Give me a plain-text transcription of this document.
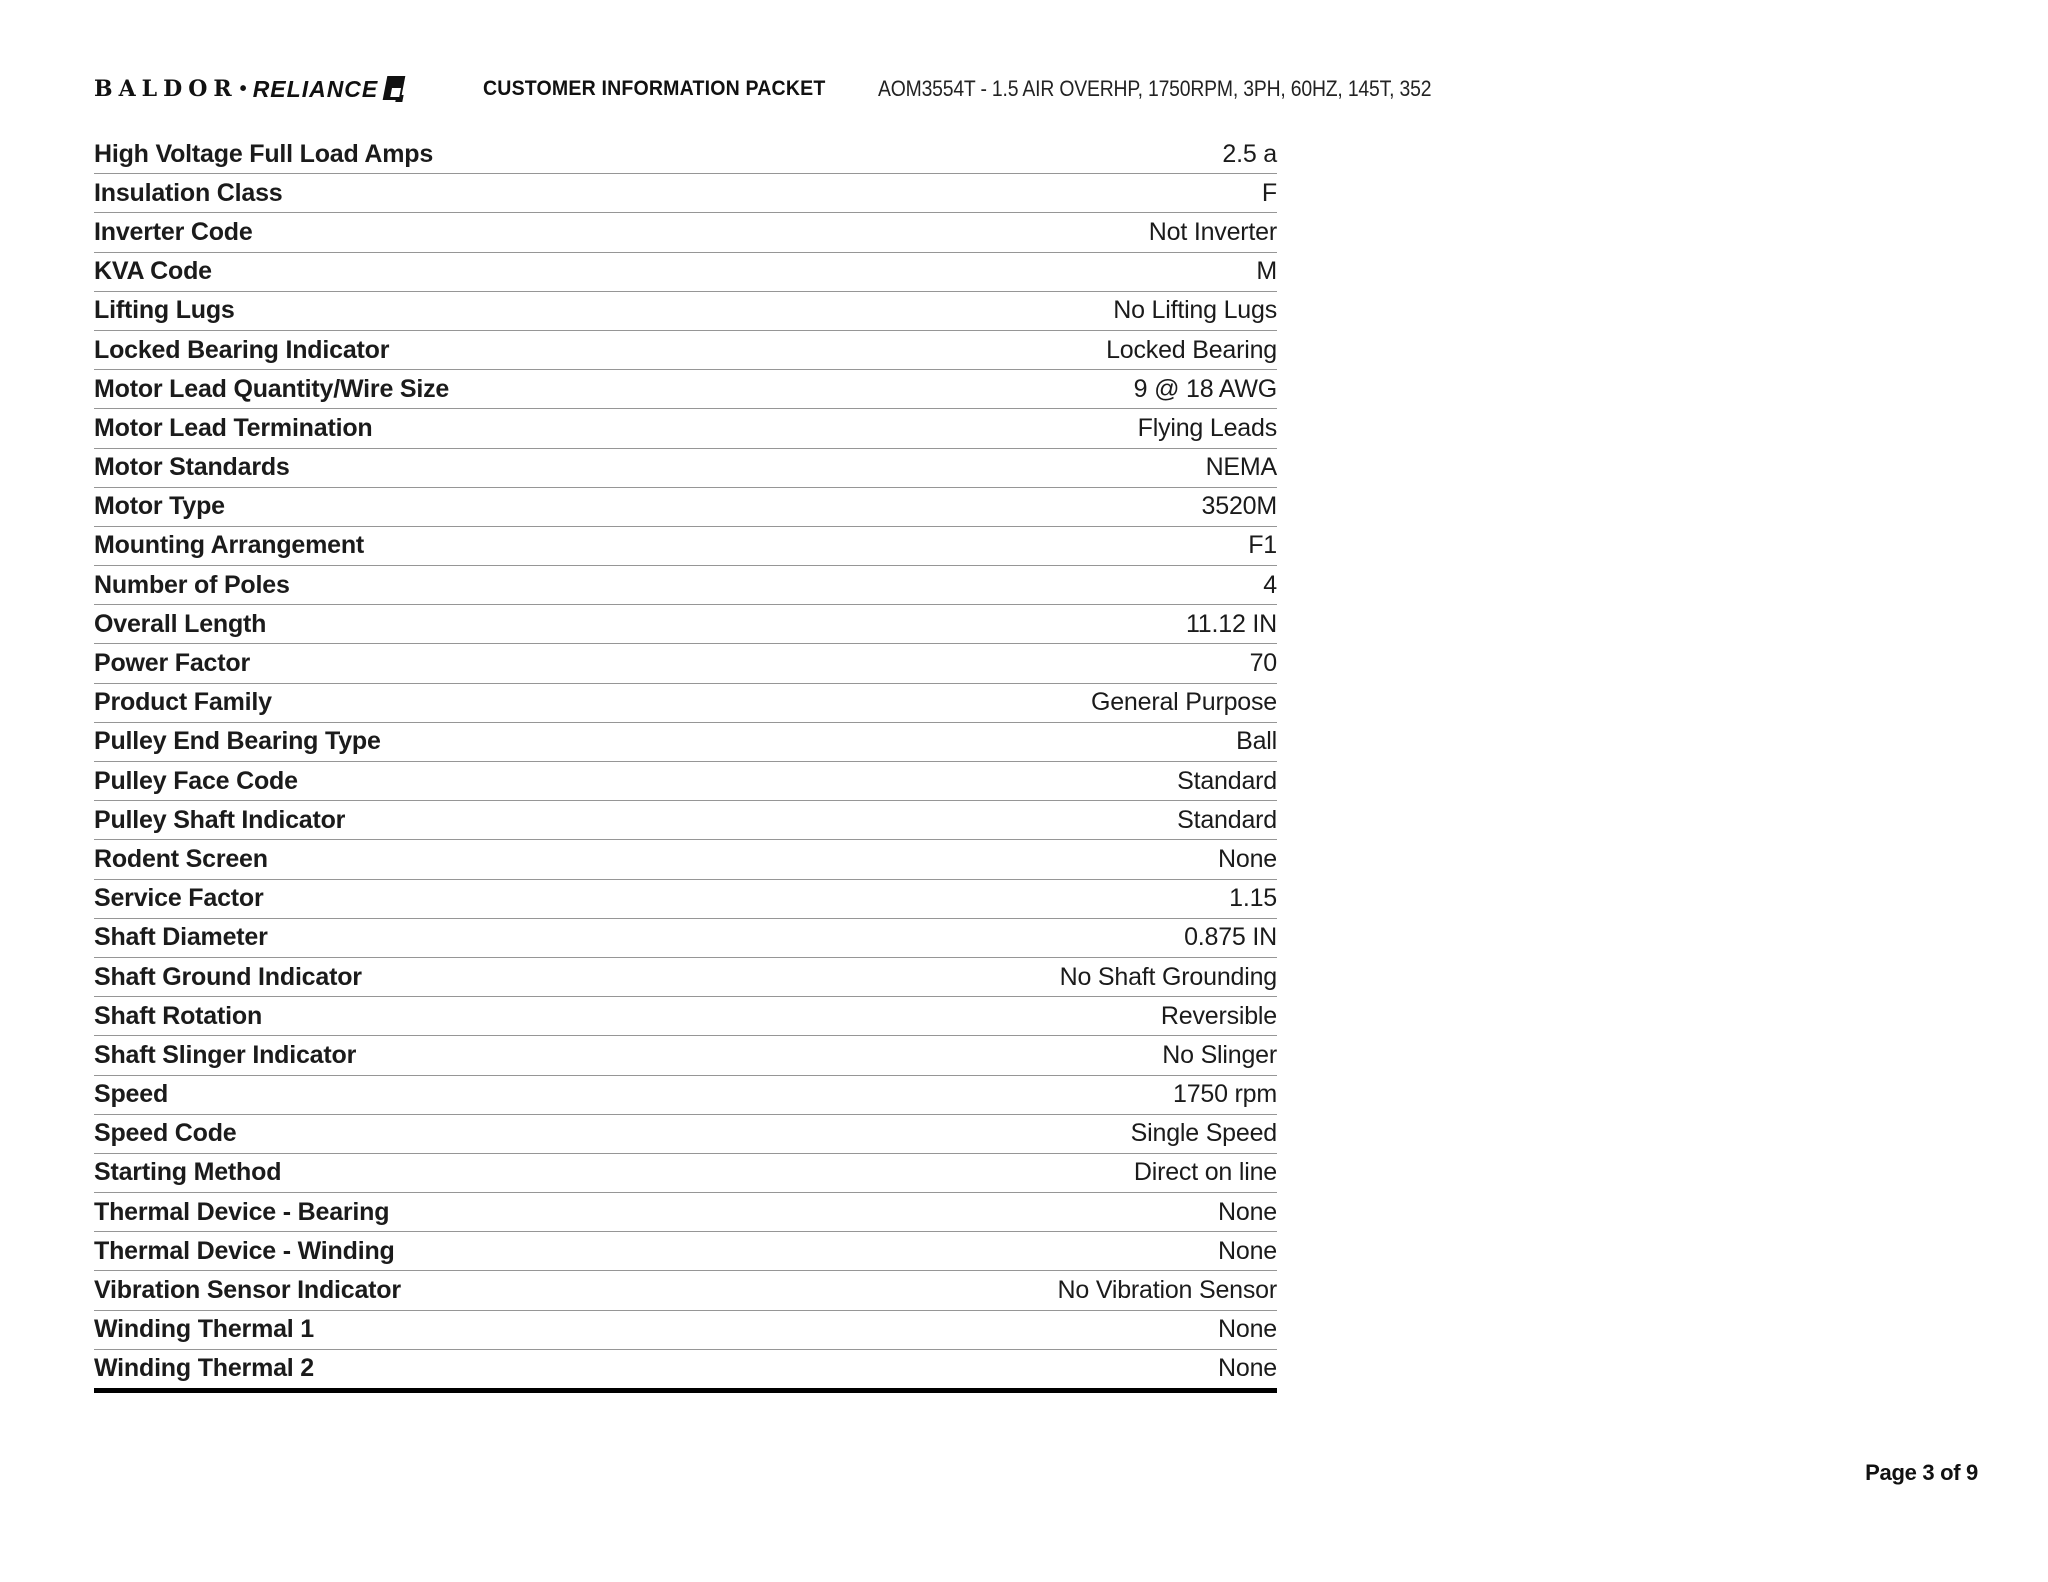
BALDOR • RELIANCE	CUSTOMER INFORMATION PACKET AOM3554T - 1.5 AIR OVERHP, 1750RPM, 3PH, 60HZ, 145T, 352
High Voltage Full Load Amps	2.5 a
Insulation Class	F
Inverter Code	Not Inverter
KVA Code	M
Lifting Lugs	No Lifting Lugs
Locked Bearing Indicator	Locked Bearing
Motor Lead Quantity/Wire Size	9 @ 18 AWG
Motor Lead Termination	Flying Leads
Motor Standards	NEMA
Motor Type	3520M
Mounting Arrangement	F1
Number of Poles	4
Overall Length	11.12 IN
Power Factor	70
Product Family	General Purpose
Pulley End Bearing Type	Ball
Pulley Face Code	Standard
Pulley Shaft Indicator	Standard
Rodent Screen	None
Service Factor	1.15
Shaft Diameter	0.875 IN
Shaft Ground Indicator	No Shaft Grounding
Shaft Rotation	Reversible
Shaft Slinger Indicator	No Slinger
Speed	1750 rpm
Speed Code	Single Speed
Starting Method	Direct on line
Thermal Device - Bearing	None
Thermal Device - Winding	None
Vibration Sensor Indicator	No Vibration Sensor
Winding Thermal 1	None
Winding Thermal 2	None
Page 3 of 9
